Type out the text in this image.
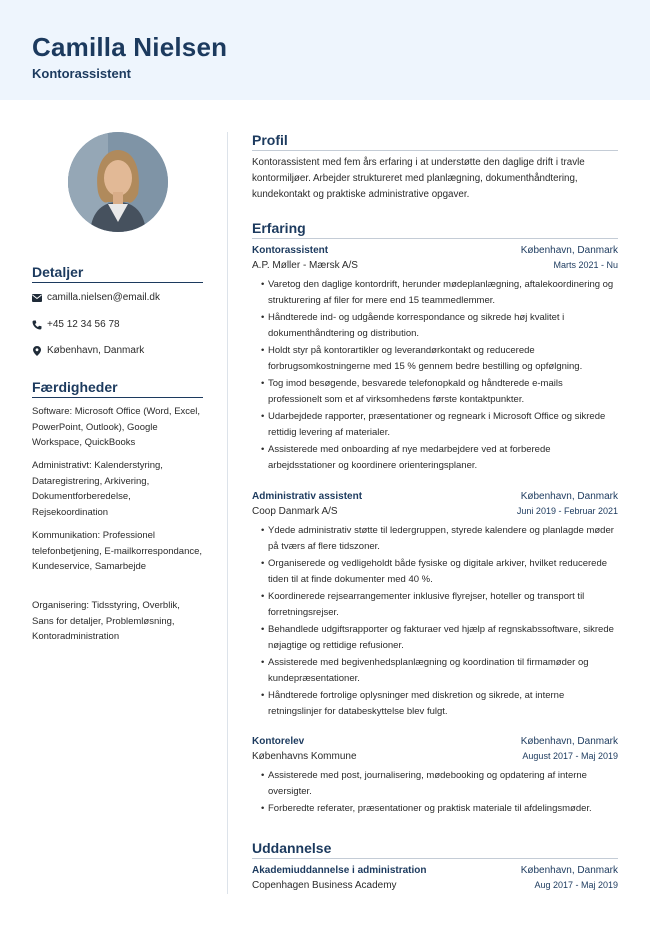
Camilla Nielsen
Kontorassistent
Detaljer
camilla.nielsen@email.dk
+45 12 34 56 78
København, Danmark
Færdigheder
Software: Microsoft Office (Word, Excel, PowerPoint, Outlook), Google Workspace, QuickBooks
Administrativt: Kalenderstyring, Dataregistrering, Arkivering, Dokumentforberedelse, Rejsekoordination
Kommunikation: Professionel telefonbetjening, E-mailkorrespondance, Kundeservice, Samarbejde
Organisering: Tidsstyring, Overblik, Sans for detaljer, Problemløsning, Kontoradministration
Profil
Kontorassistent med fem års erfaring i at understøtte den daglige drift i travle kontormiljøer. Arbejder struktureret med planlægning, dokumenthåndtering, kundekontakt og praktiske administrative opgaver.
Erfaring
Kontorassistent	København, Danmark
A.P. Møller - Mærsk A/S	Marts 2021 - Nu
• Varetog den daglige kontordrift, herunder mødeplanlægning, aftalekoordinering og strukturering af filer for mere end 15 teammedlemmer.
• Håndterede ind- og udgående korrespondance og sikrede høj kvalitet i dokumenthåndtering og distribution.
• Holdt styr på kontorartikler og leverandørkontakt og reducerede forbrugsomkostningerne med 15 % gennem bedre bestilling og opfølgning.
• Tog imod besøgende, besvarede telefonopkald og håndterede e-mails professionelt som et af virksomhedens første kontaktpunkter.
• Udarbejdede rapporter, præsentationer og regneark i Microsoft Office og sikrede rettidig levering af materialer.
• Assisterede med onboarding af nye medarbejdere ved at forberede arbejdsstationer og koordinere orienteringsplaner.
Administrativ assistent	København, Danmark
Coop Danmark A/S	Juni 2019 - Februar 2021
• Ydede administrativ støtte til ledergruppen, styrede kalendere og planlagde møder på tværs af flere tidszoner.
• Organiserede og vedligeholdt både fysiske og digitale arkiver, hvilket reducerede tiden til at finde dokumenter med 40 %.
• Koordinerede rejsearrangementer inklusive flyrejser, hoteller og transport til forretningsrejser.
• Behandlede udgiftsrapporter og fakturaer ved hjælp af regnskabssoftware, sikrede nøjagtige og rettidige refusioner.
• Assisterede med begivenhedsplanlægning og koordination til firmamøder og kundepræsentationer.
• Håndterede fortrolige oplysninger med diskretion og sikrede, at interne retningslinjer for databeskyttelse blev fulgt.
Kontorelev	København, Danmark
Københavns Kommune	August 2017 - Maj 2019
• Assisterede med post, journalisering, mødebooking og opdatering af interne oversigter.
• Forberedte referater, præsentationer og praktisk materiale til afdelingsmøder.
Uddannelse
Akademiuddannelse i administration	København, Danmark
Copenhagen Business Academy	Aug 2017 - Maj 2019
